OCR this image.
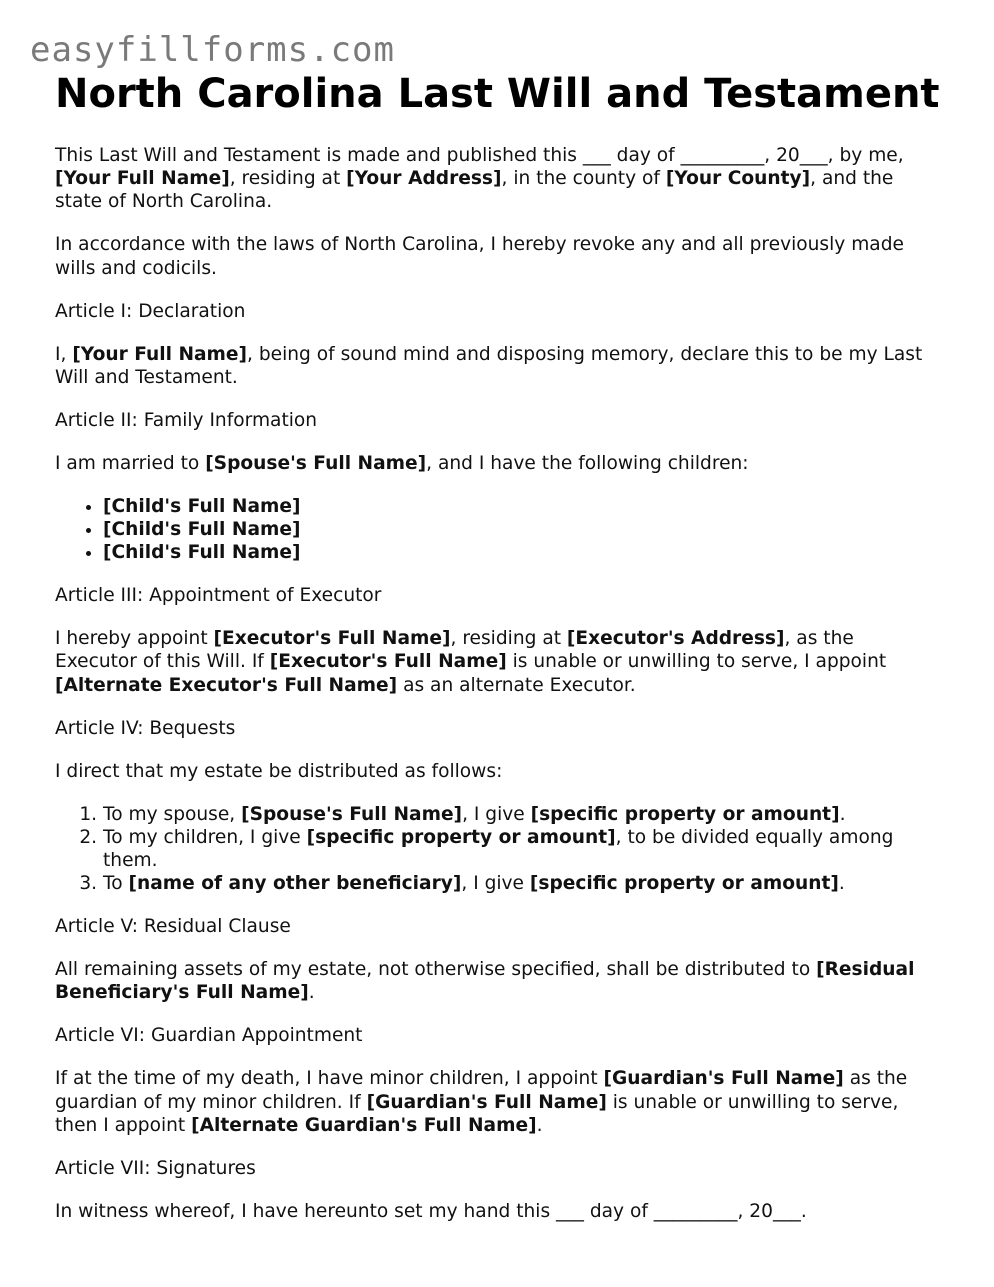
easyfillforms.com
North Carolina Last Will and Testament

This Last Will and Testament is made and published this ___ day of _________, 20___, by me, [Your Full Name], residing at [Your Address], in the county of [Your County], and the state of North Carolina.

In accordance with the laws of North Carolina, I hereby revoke any and all previously made wills and codicils.

Article I: Declaration

I, [Your Full Name], being of sound mind and disposing memory, declare this to be my Last Will and Testament.

Article II: Family Information

I am married to [Spouse's Full Name], and I have the following children:

• [Child's Full Name]
• [Child's Full Name]
• [Child's Full Name]

Article III: Appointment of Executor

I hereby appoint [Executor's Full Name], residing at [Executor's Address], as the Executor of this Will. If [Executor's Full Name] is unable or unwilling to serve, I appoint [Alternate Executor's Full Name] as an alternate Executor.

Article IV: Bequests

I direct that my estate be distributed as follows:

1. To my spouse, [Spouse's Full Name], I give [specific property or amount].
2. To my children, I give [specific property or amount], to be divided equally among them.
3. To [name of any other beneficiary], I give [specific property or amount].

Article V: Residual Clause

All remaining assets of my estate, not otherwise specified, shall be distributed to [Residual Beneficiary's Full Name].

Article VI: Guardian Appointment

If at the time of my death, I have minor children, I appoint [Guardian's Full Name] as the guardian of my minor children. If [Guardian's Full Name] is unable or unwilling to serve, then I appoint [Alternate Guardian's Full Name].

Article VII: Signatures

In witness whereof, I have hereunto set my hand this ___ day of _________, 20___.
